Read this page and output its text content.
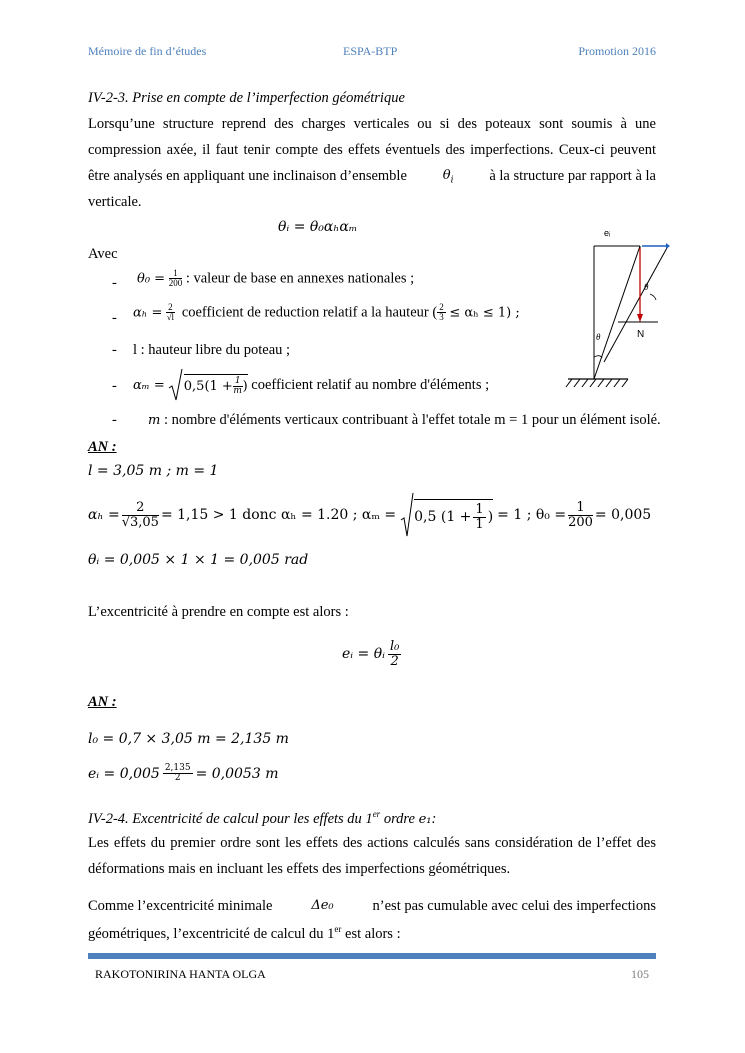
Mémoire de fin d’études	ESPA-BTP	Promotion 2016
IV-2-3. Prise en compte de l’imperfection géométrique
Lorsqu’une structure reprend des charges verticales ou si des poteaux sont soumis à une
compression axée, il faut tenir compte des effets éventuels des imperfections. Ceux-ci peuvent
être analysés en appliquant une inclinaison d’ensemble	$\theta_i$ à la structure par rapport à la
verticale.
θᵢ = θ₀αₕαₘ
Avec
- $\theta_0 = \frac{1}{200}$ : valeur de base en annexes nationales ;
- $\alpha_h = \frac{2}{√l}$ coefficient de reduction relatif a la hauteur ( $\frac{2}{3} \le \alpha_h \le 1$) ;
- l : hauteur libre du poteau ;
- $\alpha_m = 0,5(1 + \frac{1}{m}$ )
coefficient relatif au nombre d'éléments ;
- m : nombre d'éléments verticaux contribuant à l'effet totale m = 1 pour un élément isolé.
eᵢ
θ
θ	N
AN :
l = 3,05 m ; m = 1
$\alpha_h = \frac{2}{√3,05} = 1,15 > 1$ donc αₕ = 1.20 ; αₘ = 0,5 ($1 + \frac{1}{1}$ ) = 1 ; $\theta_0 = \frac{1}{200} = 0,005$
θᵢ = 0,005 × 1 × 1 = 0,005 rad
L’excentricité à prendre en compte est alors :
eᵢ = θᵢ $\frac{\text{l₀}}{2}$
AN :
l₀ = 0,7 × 3,05 m = 2,135 m
eᵢ = $0,005 \frac{2,135}{2} = 0,0053$ m
IV-2-4. Excentricité de calcul pour les effets du 1er ordre e₁:
Les effets du premier ordre sont les effets des actions calculés sans considération de l’effet des
déformations mais en incluant les effets des imperfections géométriques.
Comme l’excentricité minimale	Δe₀	n’est pas cumulable avec celui des imperfections
géométriques, l’excentricité de calcul du 1er est alors :
RAKOTONIRINA HANTA OLGA	105
